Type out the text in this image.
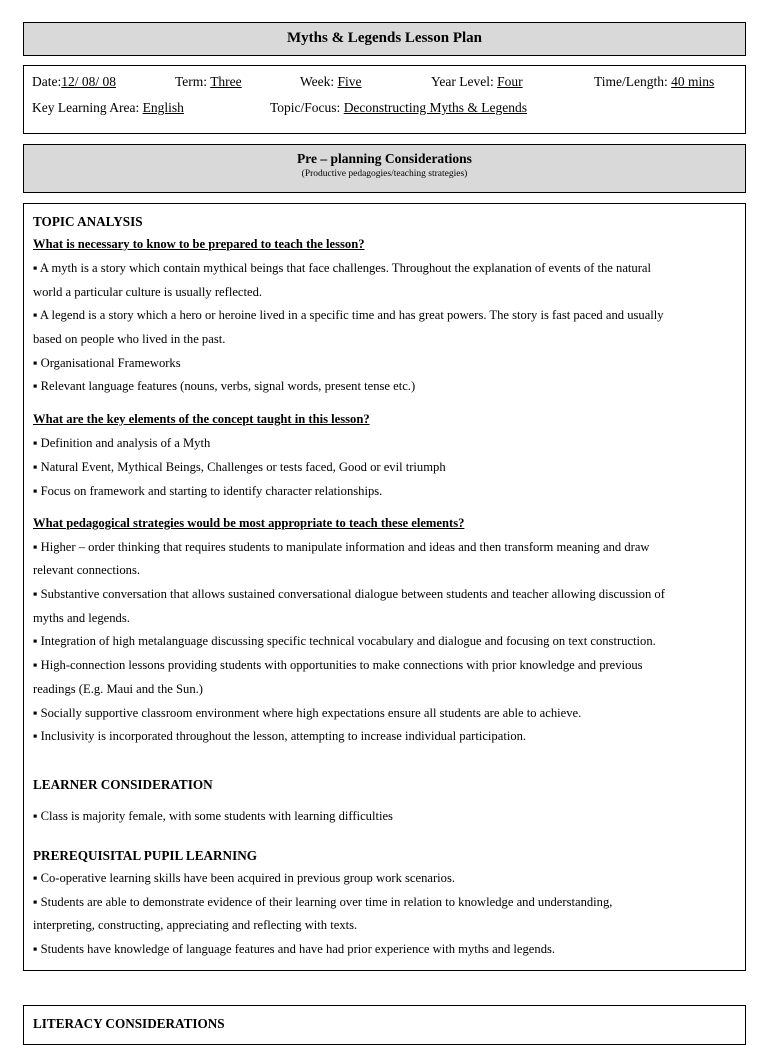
Myths & Legends Lesson Plan
Date:12/ 08/ 08	Term: Three	Week: Five	Year Level: Four	Time/Length: 40 mins
Key Learning Area: English	Topic/Focus: Deconstructing Myths & Legends
Pre – planning Considerations
(Productive pedagogies/teaching strategies)
TOPIC ANALYSIS
What is necessary to know to be prepared to teach the lesson?
▪ A myth is a story which contain mythical beings that face challenges. Throughout the explanation of events of the natural
world a particular culture is usually reflected.
▪ A legend is a story which a hero or heroine lived in a specific time and has great powers. The story is fast paced and usually
based on people who lived in the past.
▪ Organisational Frameworks
▪ Relevant language features (nouns, verbs, signal words, present tense etc.)
What are the key elements of the concept taught in this lesson?
▪ Definition and analysis of a Myth
▪ Natural Event, Mythical Beings, Challenges or tests faced, Good or evil triumph
▪ Focus on framework and starting to identify character relationships.
What pedagogical strategies would be most appropriate to teach these elements?
▪ Higher – order thinking that requires students to manipulate information and ideas and then transform meaning and draw
relevant connections.
▪ Substantive conversation that allows sustained conversational dialogue between students and teacher allowing discussion of
myths and legends.
▪ Integration of high metalanguage discussing specific technical vocabulary and dialogue and focusing on text construction.
▪ High-connection lessons providing students with opportunities to make connections with prior knowledge and previous
readings (E.g. Maui and the Sun.)
▪ Socially supportive classroom environment where high expectations ensure all students are able to achieve.
▪ Inclusivity is incorporated throughout the lesson, attempting to increase individual participation.
LEARNER CONSIDERATION
▪ Class is majority female, with some students with learning difficulties
PREREQUISITAL PUPIL LEARNING
▪ Co-operative learning skills have been acquired in previous group work scenarios.
▪ Students are able to demonstrate evidence of their learning over time in relation to knowledge and understanding,
interpreting, constructing, appreciating and reflecting with texts.
▪ Students have knowledge of language features and have had prior experience with myths and legends.
LITERACY CONSIDERATIONS
